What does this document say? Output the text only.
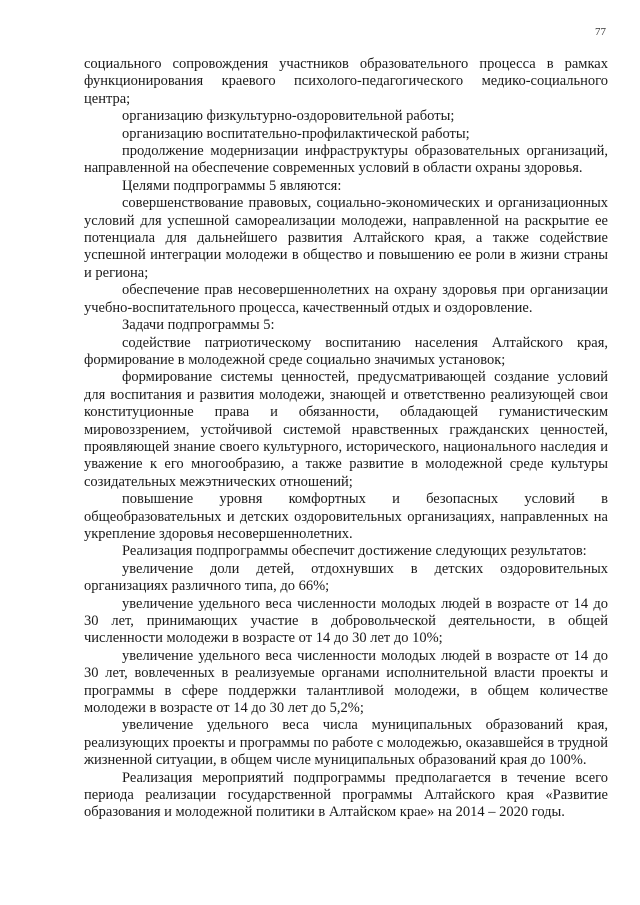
77

социального сопровождения участников образовательного процесса в рамках функционирования краевого психолого-педагогического медико-социального центра;

организацию физкультурно-оздоровительной работы;

организацию воспитательно-профилактической работы;

продолжение модернизации инфраструктуры образовательных организаций, направленной на обеспечение современных условий в области охраны здоровья.

Целями подпрограммы 5 являются:

совершенствование правовых, социально-экономических и организационных условий для успешной самореализации молодежи, направленной на раскрытие ее потенциала для дальнейшего развития Алтайского края, а также содействие успешной интеграции молодежи в общество и повышению ее роли в жизни страны и региона;

обеспечение прав несовершеннолетних на охрану здоровья при организации учебно-воспитательного процесса, качественный отдых и оздоровление.

Задачи подпрограммы 5:

содействие патриотическому воспитанию населения Алтайского края, формирование в молодежной среде социально значимых установок;

формирование системы ценностей, предусматривающей создание условий для воспитания и развития молодежи, знающей и ответственно реализующей свои конституционные права и обязанности, обладающей гуманистическим мировоззрением, устойчивой системой нравственных гражданских ценностей, проявляющей знание своего культурного, исторического, национального наследия и уважение к его многообразию, а также развитие в молодежной среде культуры созидательных межэтнических отношений;

повышение уровня комфортных и безопасных условий в общеобразовательных и детских оздоровительных организациях, направленных на укрепление здоровья несовершеннолетних.

Реализация подпрограммы обеспечит достижение следующих результатов:

увеличение доли детей, отдохнувших в детских оздоровительных организациях различного типа, до 66%;

увеличение удельного веса численности молодых людей в возрасте от 14 до 30 лет, принимающих участие в добровольческой деятельности, в общей численности молодежи в возрасте от 14 до 30 лет до 10%;

увеличение удельного веса численности молодых людей в возрасте от 14 до 30 лет, вовлеченных в реализуемые органами исполнительной власти проекты и программы в сфере поддержки талантливой молодежи, в общем количестве молодежи в возрасте от 14 до 30 лет до 5,2%;

увеличение удельного веса числа муниципальных образований края, реализующих проекты и программы по работе с молодежью, оказавшейся в трудной жизненной ситуации, в общем числе муниципальных образований края до 100%.

Реализация мероприятий подпрограммы предполагается в течение всего периода реализации государственной программы Алтайского края «Развитие образования и молодежной политики в Алтайском крае» на 2014 – 2020 годы.
